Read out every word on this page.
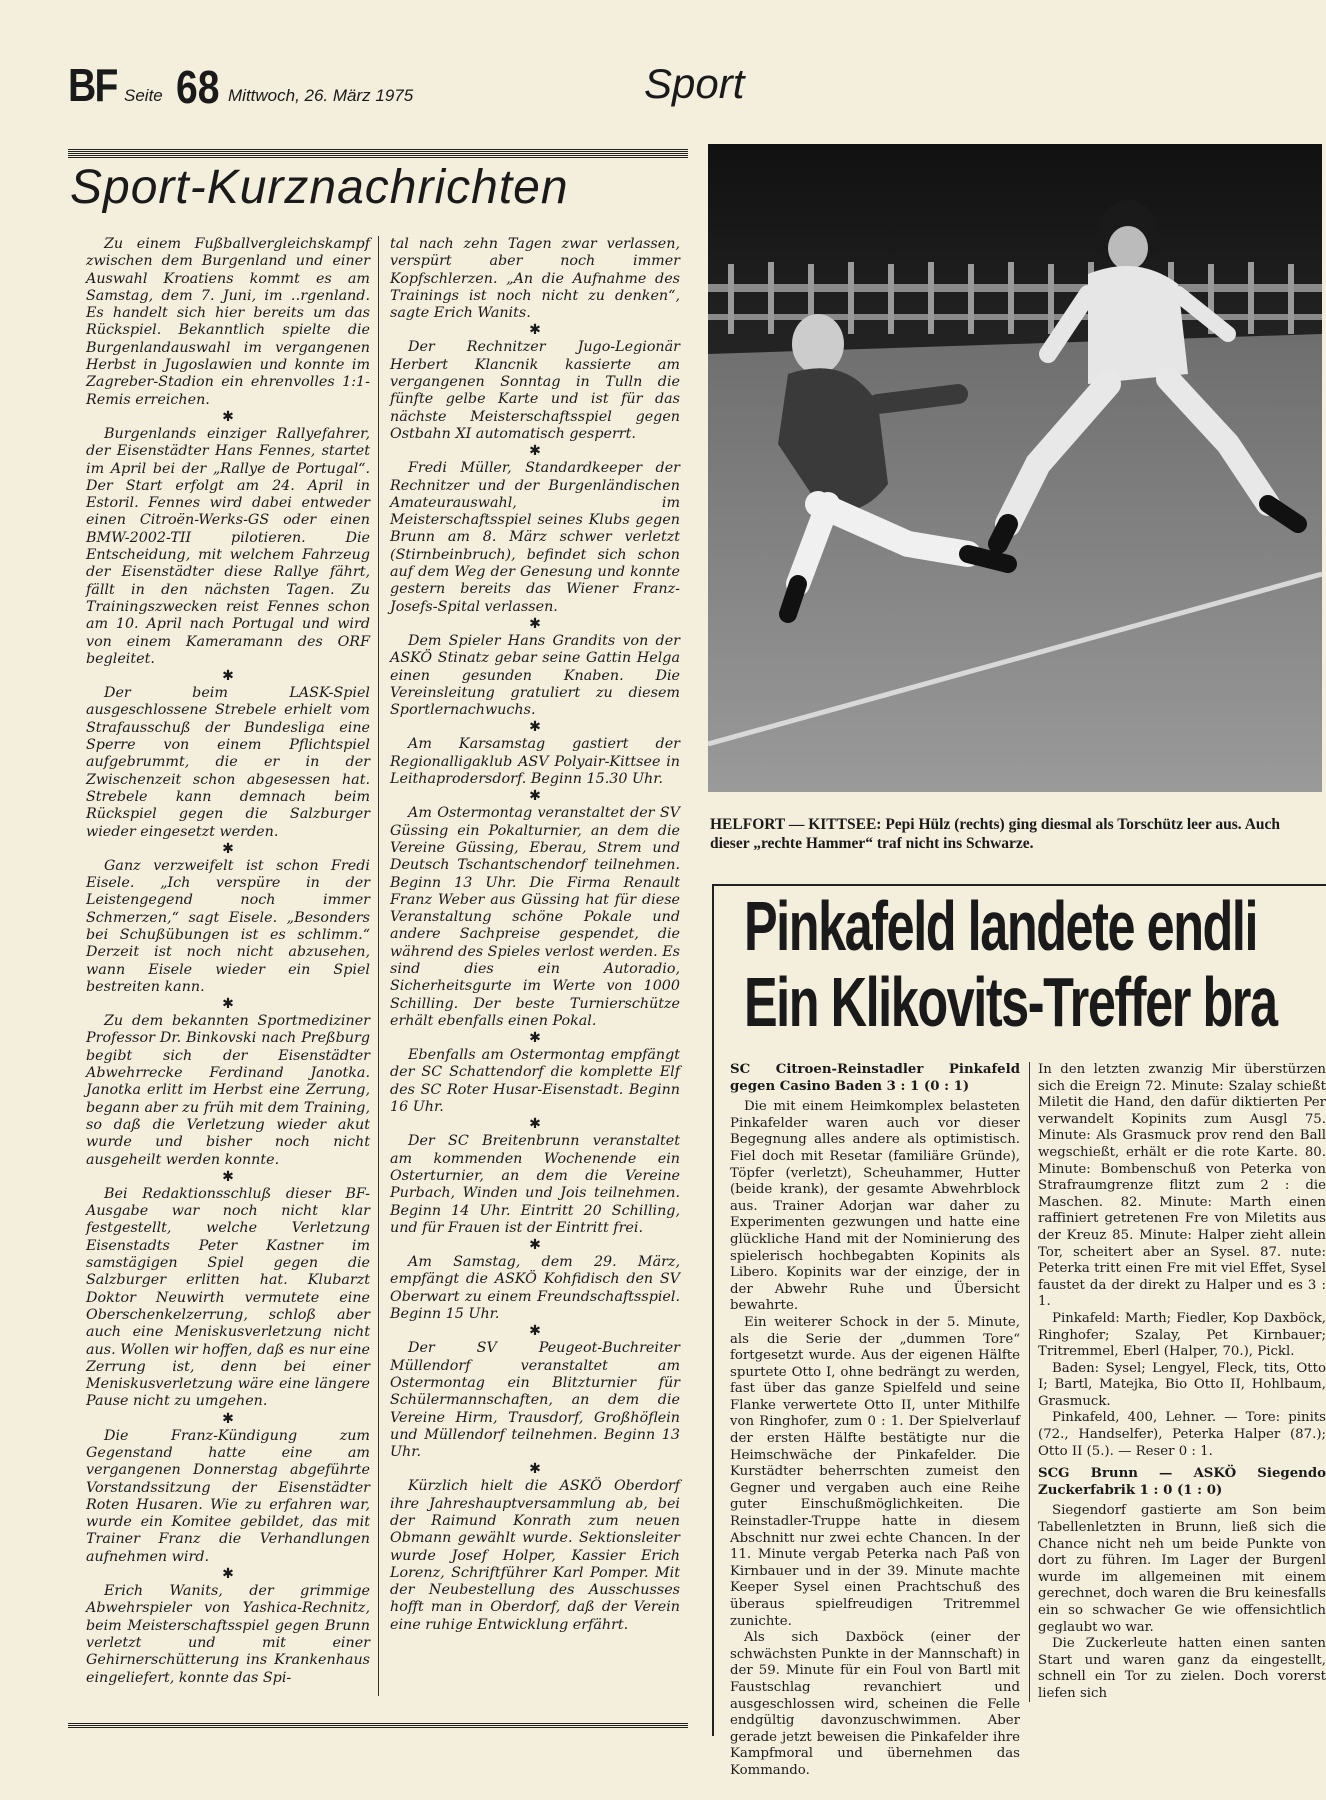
BF Seite 68 Mittwoch, 26. März 1975	Sport
Sport-Kurznachrichten

Zu einem Fußballvergleichskampf zwischen dem Burgenland und einer Auswahl Kroatiens kommt es am Samstag, dem 7. Juni, im ‥rgenland. Es handelt sich hier bereits um das Rückspiel. Bekanntlich spielte die Burgenlandauswahl im vergangenen Herbst in Jugoslawien und konnte im Zagreber-Stadion ein ehrenvolles 1:1-Remis erreichen.

✱

Burgenlands einziger Rallyefahrer, der Eisenstädter Hans Fennes, startet im April bei der „Rallye de Portugal“. Der Start erfolgt am 24. April in Estoril. Fennes wird dabei entweder einen Citroën-Werks-GS oder einen BMW-2002-TII pilotieren. Die Entscheidung, mit welchem Fahrzeug der Eisenstädter diese Rallye fährt, fällt in den nächsten Tagen. Zu Trainingszwecken reist Fennes schon am 10. April nach Portugal und wird von einem Kameramann des ORF begleitet.

✱

Der beim LASK-Spiel ausgeschlossene Strebele erhielt vom Strafausschuß der Bundesliga eine Sperre von einem Pflichtspiel aufgebrummt, die er in der Zwischenzeit schon abgesessen hat. Strebele kann demnach beim Rückspiel gegen die Salzburger wieder eingesetzt werden.

✱

Ganz verzweifelt ist schon Fredi Eisele. „Ich verspüre in der Leistengegend noch immer Schmerzen,“ sagt Eisele. „Besonders bei Schußübungen ist es schlimm.“ Derzeit ist noch nicht abzusehen, wann Eisele wieder ein Spiel bestreiten kann.

✱

Zu dem bekannten Sportmediziner Professor Dr. Binkovski nach Preßburg begibt sich der Eisenstädter Abwehrrecke Ferdinand Janotka. Janotka erlitt im Herbst eine Zerrung, begann aber zu früh mit dem Training, so daß die Verletzung wieder akut wurde und bisher noch nicht ausgeheilt werden konnte.

✱

Bei Redaktionsschluß dieser BF-Ausgabe war noch nicht klar festgestellt, welche Verletzung Eisenstadts Peter Kastner im samstägigen Spiel gegen die Salzburger erlitten hat. Klubarzt Doktor Neuwirth vermutete eine Oberschenkelzerrung, schloß aber auch eine Meniskusverletzung nicht aus. Wollen wir hoffen, daß es nur eine Zerrung ist, denn bei einer Meniskusverletzung wäre eine längere Pause nicht zu umgehen.

✱

Die Franz-Kündigung zum Gegenstand hatte eine am vergangenen Donnerstag abgeführte Vorstandssitzung der Eisenstädter Roten Husaren. Wie zu erfahren war, wurde ein Komitee gebildet, das mit Trainer Franz die Verhandlungen aufnehmen wird.

✱

Erich Wanits, der grimmige Abwehrspieler von Yashica-Rechnitz, beim Meisterschaftsspiel gegen Brunn verletzt und mit einer Gehirnerschütterung ins Krankenhaus eingeliefert, konnte das Spi-

tal nach zehn Tagen zwar verlassen, verspürt aber noch immer Kopfschlerzen. „An die Aufnahme des Trainings ist noch nicht zu denken“, sagte Erich Wanits.

✱

Der Rechnitzer Jugo-Legionär Herbert Klancnik kassierte am vergangenen Sonntag in Tulln die fünfte gelbe Karte und ist für das nächste Meisterschaftsspiel gegen Ostbahn XI automatisch gesperrt.

✱

Fredi Müller, Standardkeeper der Rechnitzer und der Burgenländischen Amateurauswahl, im Meisterschaftsspiel seines Klubs gegen Brunn am 8. März schwer verletzt (Stirnbeinbruch), befindet sich schon auf dem Weg der Genesung und konnte gestern bereits das Wiener Franz-Josefs-Spital verlassen.

✱

Dem Spieler Hans Grandits von der ASKÖ Stinatz gebar seine Gattin Helga einen gesunden Knaben. Die Vereinsleitung gratuliert zu diesem Sportlernachwuchs.

✱

Am Karsamstag gastiert der Regionalligaklub ASV Polyair-Kittsee in Leithaprodersdorf. Beginn 15.30 Uhr.

✱

Am Ostermontag veranstaltet der SV Güssing ein Pokalturnier, an dem die Vereine Güssing, Eberau, Strem und Deutsch Tschantschendorf teilnehmen. Beginn 13 Uhr. Die Firma Renault Franz Weber aus Güssing hat für diese Veranstaltung schöne Pokale und andere Sachpreise gespendet, die während des Spieles verlost werden. Es sind dies ein Autoradio, Sicherheitsgurte im Werte von 1000 Schilling. Der beste Turnierschütze erhält ebenfalls einen Pokal.

✱

Ebenfalls am Ostermontag empfängt der SC Schattendorf die komplette Elf des SC Roter Husar-Eisenstadt. Beginn 16 Uhr.

✱

Der SC Breitenbrunn veranstaltet am kommenden Wochenende ein Osterturnier, an dem die Vereine Purbach, Winden und Jois teilnehmen. Beginn 14 Uhr. Eintritt 20 Schilling, und für Frauen ist der Eintritt frei.

✱

Am Samstag, dem 29. März, empfängt die ASKÖ Kohfidisch den SV Oberwart zu einem Freundschaftsspiel. Beginn 15 Uhr.

✱

Der SV Peugeot-Buchreiter Müllendorf veranstaltet am Ostermontag ein Blitzturnier für Schülermannschaften, an dem die Vereine Hirm, Trausdorf, Großhöflein und Müllendorf teilnehmen. Beginn 13 Uhr.

✱

Kürzlich hielt die ASKÖ Oberdorf ihre Jahreshauptversammlung ab, bei der Raimund Konrath zum neuen Obmann gewählt wurde. Sektionsleiter wurde Josef Holper, Kassier Erich Lorenz, Schriftführer Karl Pomper. Mit der Neubestellung des Ausschusses hofft man in Oberdorf, daß der Verein eine ruhige Entwicklung erfährt.

HELFORT — KITTSEE: Pepi Hülz (rechts) ging diesmal als Torschütz leer aus. Auch dieser „rechte Hammer“ traf nicht ins Schwarze.
Pinkafeld landete endli
Ein Klikovits-Treffer bra

SC Citroen-Reinstadler Pinkafeld gegen Casino Baden 3 : 1 (0 : 1)

Die mit einem Heimkomplex belasteten Pinkafelder waren auch vor dieser Begegnung alles andere als optimistisch. Fiel doch mit Resetar (familiäre Gründe), Töpfer (verletzt), Scheuhammer, Hutter (beide krank), der gesamte Abwehrblock aus. Trainer Adorjan war daher zu Experimenten gezwungen und hatte eine glückliche Hand mit der Nominierung des spielerisch hochbegabten Kopinits als Libero. Kopinits war der einzige, der in der Abwehr Ruhe und Übersicht bewahrte.

Ein weiterer Schock in der 5. Minute, als die Serie der „dummen Tore“ fortgesetzt wurde. Aus der eigenen Hälfte spurtete Otto I, ohne bedrängt zu werden, fast über das ganze Spielfeld und seine Flanke verwertete Otto II, unter Mithilfe von Ringhofer, zum 0 : 1. Der Spielverlauf der ersten Hälfte bestätigte nur die Heimschwäche der Pinkafelder. Die Kurstädter beherrschten zumeist den Gegner und vergaben auch eine Reihe guter Einschußmöglichkeiten. Die Reinstadler-Truppe hatte in diesem Abschnitt nur zwei echte Chancen. In der 11. Minute vergab Peterka nach Paß von Kirnbauer und in der 39. Minute machte Keeper Sysel einen Prachtschuß des überaus spielfreudigen Tritremmel zunichte.

Als sich Daxböck (einer der schwächsten Punkte in der Mannschaft) in der 59. Minute für ein Foul von Bartl mit Faustschlag revanchiert und ausgeschlossen wird, scheinen die Felle endgültig davonzuschwimmen. Aber gerade jetzt beweisen die Pinkafelder ihre Kampfmoral und übernehmen das Kommando.

In den letzten zwanzig Mir überstürzen sich die Ereign 72. Minute: Szalay schießt Miletit die Hand, den dafür diktierten Per verwandelt Kopinits zum Ausgl 75. Minute: Als Grasmuck prov rend den Ball wegschießt, erhält er die rote Karte. 80. Minute: Bombenschuß von Peterka von Strafraumgrenze flitzt zum 2 : die Maschen. 82. Minute: Marth einen raffiniert getretenen Fre von Miletits aus der Kreuz 85. Minute: Halper zieht allein Tor, scheitert aber an Sysel. 87. nute: Peterka tritt einen Fre mit viel Effet, Sysel faustet da der direkt zu Halper und es 3 : 1.

Pinkafeld: Marth; Fiedler, Kop Daxböck, Ringhofer; Szalay, Pet Kirnbauer; Tritremmel, Eberl (Halper, 70.), Pickl.

Baden: Sysel; Lengyel, Fleck, tits, Otto I; Bartl, Matejka, Bio Otto II, Hohlbaum, Grasmuck.

Pinkafeld, 400, Lehner. — Tore: pinits (72., Handselfer), Peterka Halper (87.); Otto II (5.). — Reser 0 : 1.

SCG Brunn — ASKÖ Siegendo Zuckerfabrik 1 : 0 (1 : 0)

Siegendorf gastierte am Son beim Tabellenletzten in Brunn, ließ sich die Chance nicht neh um beide Punkte von dort zu führen. Im Lager der Burgenl wurde im allgemeinen mit einem gerechnet, doch waren die Bru keinesfalls ein so schwacher Ge wie offensichtlich geglaubt wo war.

Die Zuckerleute hatten einen santen Start und waren ganz da eingestellt, schnell ein Tor zu zielen. Doch vorerst liefen sich
